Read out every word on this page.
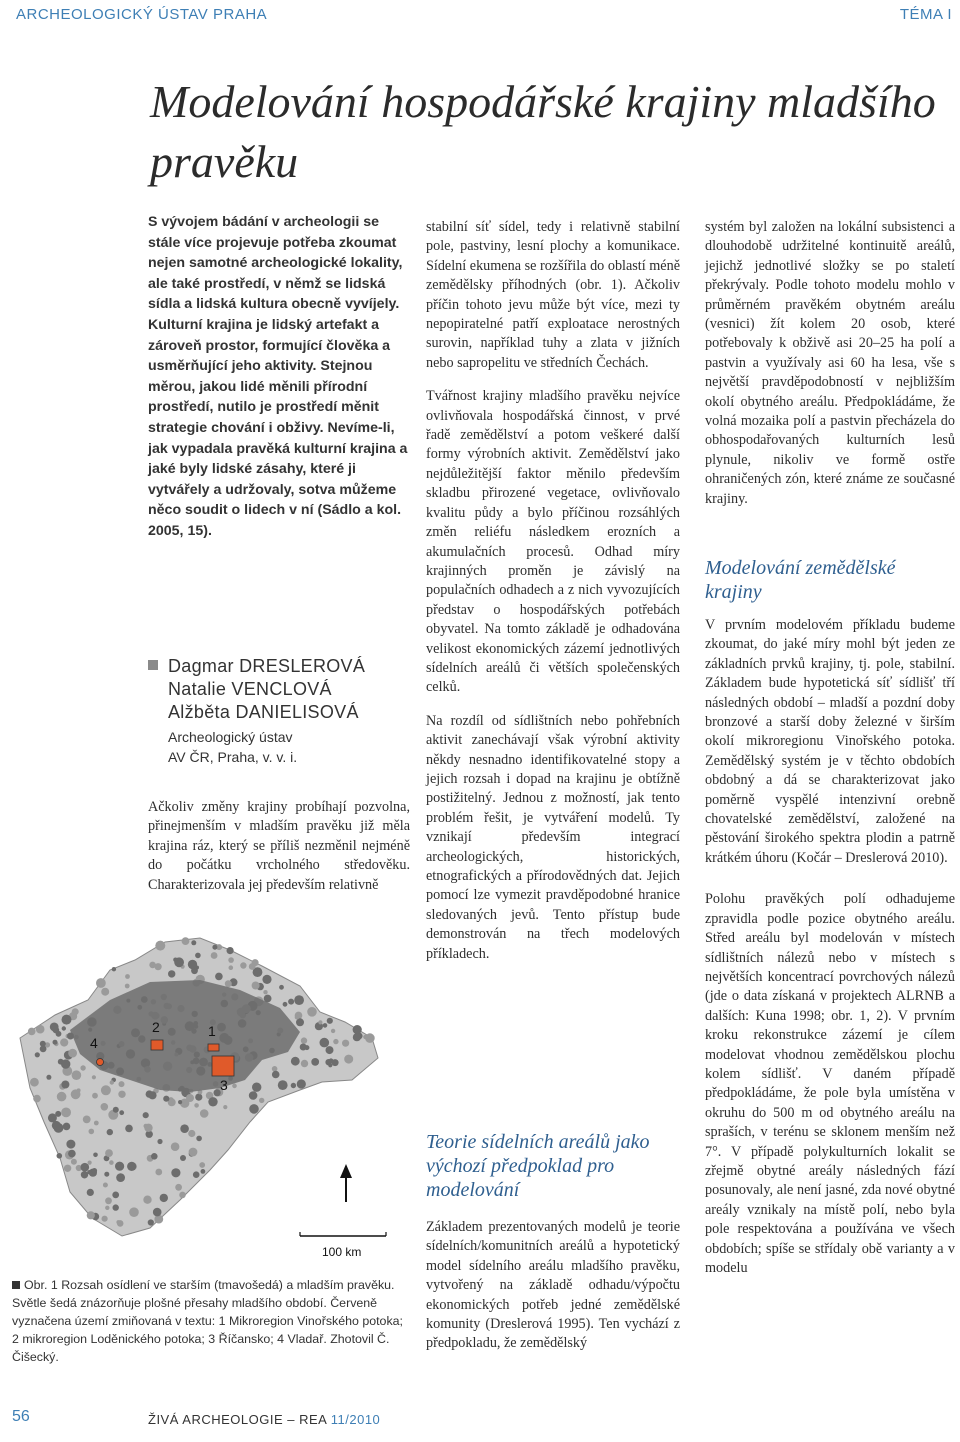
ARCHEOLOGICKÝ ÚSTAV PRAHA	TÉMA I
Modelování hospodářské krajiny mladšího pravěku

S vývojem bádání v archeologii se stále více projevuje potřeba zkoumat nejen samotné archeologické lokality, ale také prostředí, v němž se lidská sídla a lidská kultura obecně vyvíjely. Kulturní krajina je lidský artefakt a zároveň prostor, formující člověka a usměrňující jeho aktivity. Stejnou měrou, jakou lidé měnili přírodní prostředí, nutilo je prostředí měnit strategie chování i obživy. Nevíme-li, jak vypadala pravěká kulturní krajina a jaké byly lidské zásahy, které ji vytvářely a udržovaly, sotva můžeme něco soudit o lidech v ní (Sádlo a kol. 2005, 15).

Dagmar DRESLEROVÁ
Natalie VENCLOVÁ
Alžběta DANIELISOVÁ
Archeologický ústav
AV ČR, Praha, v. v. i.

Ačkoliv změny krajiny probíhají pozvolna, přinejmenším v mladším pravěku již měla krajina ráz, který se příliš nezměnil nejméně do počátku vrcholného středověku. Charakterizovala jej především relativně

stabilní síť sídel, tedy i relativně stabilní pole, pastviny, lesní plochy a komunikace. Sídelní ekumena se rozšířila do oblastí méně zemědělsky příhodných (obr. 1). Ačkoliv příčin tohoto jevu může být více, mezi ty nepopiratelné patří exploatace nerostných surovin, například tuhy a zlata v jižních nebo sapropelitu ve středních Čechách.

Tvářnost krajiny mladšího pravěku nejvíce ovlivňovala hospodářská činnost, v prvé řadě zemědělství a potom veškeré další formy výrobních aktivit. Zemědělství jako nejdůležitější faktor měnilo především skladbu přirozené vegetace, ovlivňovalo kvalitu půdy a bylo příčinou rozsáhlých změn reliéfu následkem erozních a akumulačních procesů. Odhad míry krajinných proměn je závislý na populačních odhadech a z nich vyvozujících představ o hospodářských potřebách obyvatel. Na tomto základě je odhadována velikost ekonomických zázemí jednotlivých sídelních areálů či větších společenských celků.

Na rozdíl od sídlištních nebo pohřebních aktivit zanechávají však výrobní aktivity někdy nesnadno identifikovatelné stopy a jejich rozsah i dopad na krajinu je obtížně postižitelný. Jednou z možností, jak tento problém řešit, je vytváření modelů. Ty vznikají především integrací archeologických, historických, etnografických a přírodovědných dat. Jejich pomocí lze vymezit pravděpodobné hranice sledovaných jevů. Tento přístup bude demonstrován na třech modelových příkladech.

Teorie sídelních areálů jako výchozí předpoklad pro modelování

Základem prezentovaných modelů je teorie sídelních/komunitních areálů a hypotetický model sídelního areálu mladšího pravěku, vytvořený na základě odhadu/výpočtu ekonomických potřeb jedné zemědělské komunity (Dreslerová 1995). Ten vychází z předpokladu, že zemědělský

systém byl založen na lokální subsistenci a dlouhodobě udržitelné kontinuitě areálů, jejichž jednotlivé složky se po staletí překrývaly. Podle tohoto modelu mohlo v průměrném pravěkém obytném areálu (vesnici) žít kolem 20 osob, které potřebovaly k obživě asi 20–25 ha polí a pastvin a využívaly asi 60 ha lesa, vše s největší pravděpodobností v nejbližším okolí obytného areálu. Předpokládáme, že volná mozaika polí a pastvin přecházela do obhospodařovaných kulturních lesů plynule, nikoliv ve formě ostře ohraničených zón, které známe ze současné krajiny.

Modelování zemědělské krajiny

V prvním modelovém příkladu budeme zkoumat, do jaké míry mohl být jeden ze základních prvků krajiny, tj. pole, stabilní. Základem bude hypotetická síť sídlišť tří následných období – mladší a pozdní doby bronzové a starší doby železné v širším okolí mikroregionu Vinořského potoka. Zemědělský systém je v těchto obdobích obdobný a dá se charakterizovat jako poměrně vyspělé intenzivní orebně chovatelské zemědělství, založené na pěstování širokého spektra plodin a patrně krátkém úhoru (Kočár – Dreslerová 2010).

Polohu pravěkých polí odhadujeme zpravidla podle pozice obytného areálu. Střed areálu byl modelován v místech sídlištních nálezů nebo v místech s největších koncentrací povrchových nálezů (jde o data získaná v projektech ALRNB a dalších: Kuna 1998; obr. 1, 2). V prvním kroku rekonstrukce zázemí je cílem modelovat vhodnou zemědělskou plochu kolem sídlišť. V daném případě předpokládáme, že pole byla umístěna v okruhu do 500 m od obytného areálu na spraších, v terénu se sklonem menším než 7°. V případě polykulturních lokalit se zřejmě obytné areály následných fází posunovaly, ale není jasné, zda nové obytné areály vznikaly na místě polí, nebo byla pole respektována a používána ve všech obdobích; spíše se střídaly obě varianty a v modelu

2	1
3
4
100 km

Obr. 1 Rozsah osídlení ve starším (tmavošedá) a mladším pravěku. Světle šedá znázorňuje plošné přesahy mladšího období. Červeně vyznačena území zmiňovaná v textu: 1 Mikroregion Vinořského potoka; 2 mikroregion Loděnického potoka; 3 Říčansko; 4 Vladař. Zhotovil Č. Čišecký.

56	ŽIVÁ ARCHEOLOGIE – REA 11/2010
